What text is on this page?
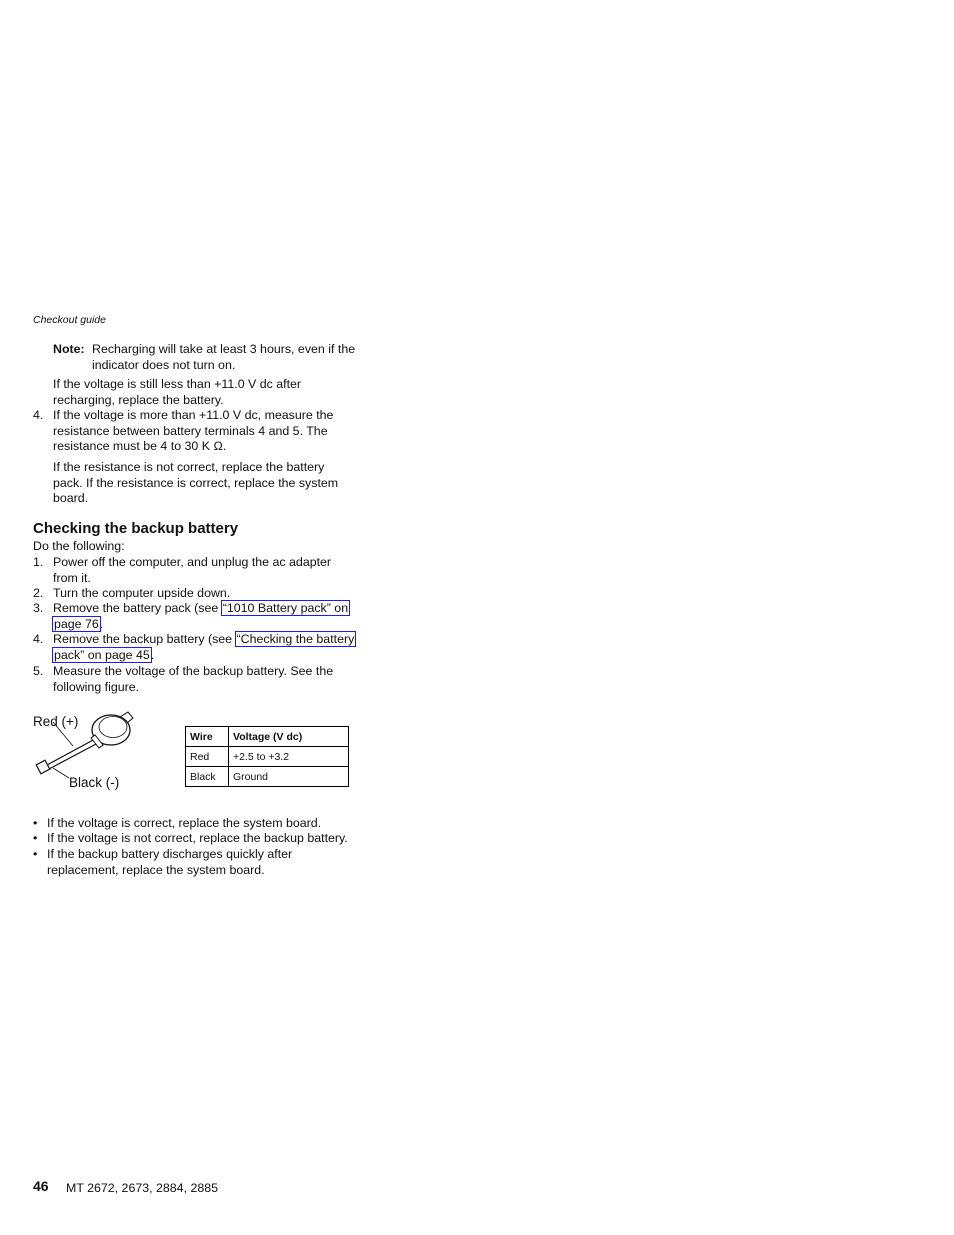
Checkout guide
Note: Recharging will take at least 3 hours, even if the
indicator does not turn on.
If the voltage is still less than +11.0 V dc after
recharging, replace the battery.
4. If the voltage is more than +11.0 V dc, measure the
resistance between battery terminals 4 and 5. The
resistance must be 4 to 30 K Ω.
If the resistance is not correct, replace the battery
pack. If the resistance is correct, replace the system
board.
Checking the backup battery
Do the following:
1. Power off the computer, and unplug the ac adapter
from it.
2. Turn the computer upside down.
3. Remove the battery pack (see “1010 Battery pack” on
page 76.
4. Remove the backup battery (see “Checking the battery
pack” on page 45.
5. Measure the voltage of the backup battery. See the
following figure.
Red (+)
Black (-)
Wire	Voltage (V dc)
Red	+2.5 to +3.2
Black	Ground
• If the voltage is correct, replace the system board.
• If the voltage is not correct, replace the backup battery.
• If the backup battery discharges quickly after
replacement, replace the system board.
46 MT 2672, 2673, 2884, 2885
